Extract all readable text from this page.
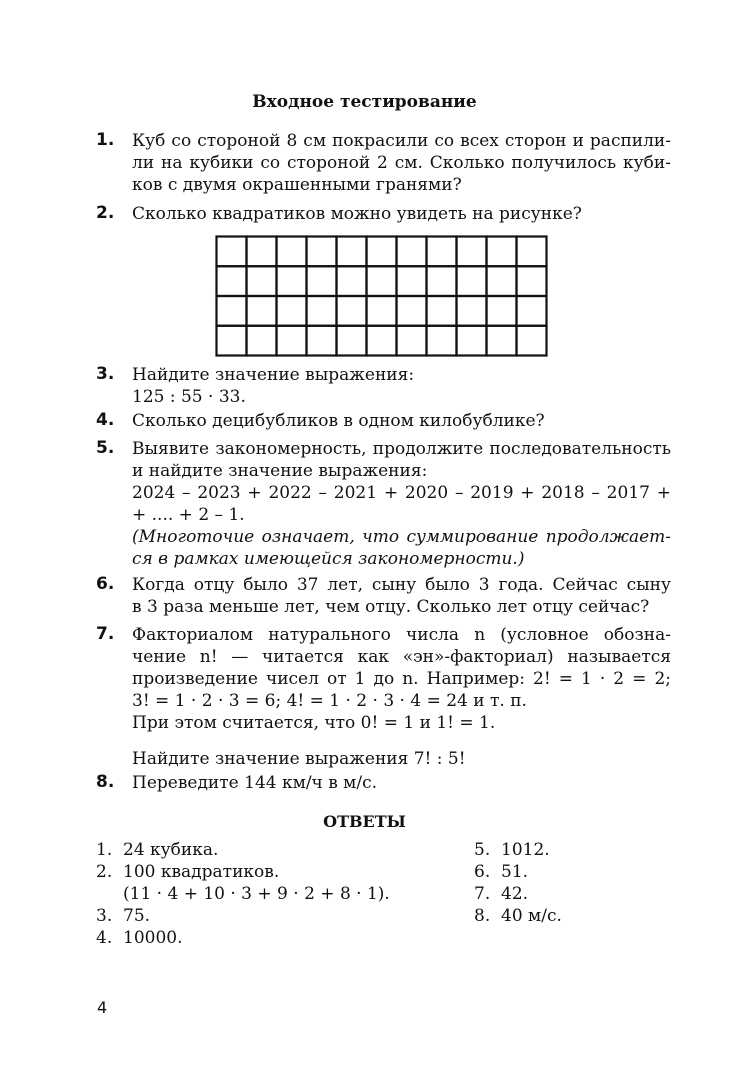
Входное тестирование
1.	Куб со стороной 8 см покрасили со всех сторон и распили-
ли на кубики со стороной 2 см. Сколько получилось куби-
ков с двумя окрашенными гранями?
2.	Сколько квадратиков можно увидеть на рисунке?
3.	Найдите значение выражения:
125 : 55 · 33.
4.	Сколько децибубликов в одном килобублике?
5.	Выявите закономерность, продолжите последовательность
и найдите значение выражения:
2024 – 2023 + 2022 – 2021 + 2020 – 2019 + 2018 – 2017 +
+ .... + 2 – 1.
(Многоточие означает, что суммирование продолжает-
ся в рамках имеющейся закономерности.)
6.	Когда отцу было 37 лет, сыну было 3 года. Сейчас сыну
в 3 раза меньше лет, чем отцу. Сколько лет отцу сейчас?
7.	Факториалом натурального числа n (условное обозна-
чение n! — читается как «эн»-факториал) называется
произведение чисел от 1 до n. Например: 2! = 1 · 2 = 2;
3! = 1 · 2 · 3 = 6; 4! = 1 · 2 · 3 · 4 = 24 и т. п.
При этом считается, что 0! = 1 и 1! = 1.
Найдите значение выражения 7! : 5!
8.	Переведите 144 км/ч в м/с.
ОТВЕТЫ
1. 24 кубика.
2. 100 квадратиков.
(11 · 4 + 10 · 3 + 9 · 2 + 8 · 1).
3. 75.
4. 10000.
5. 1012.
6. 51.
7. 42.
8. 40 м/с.
4
